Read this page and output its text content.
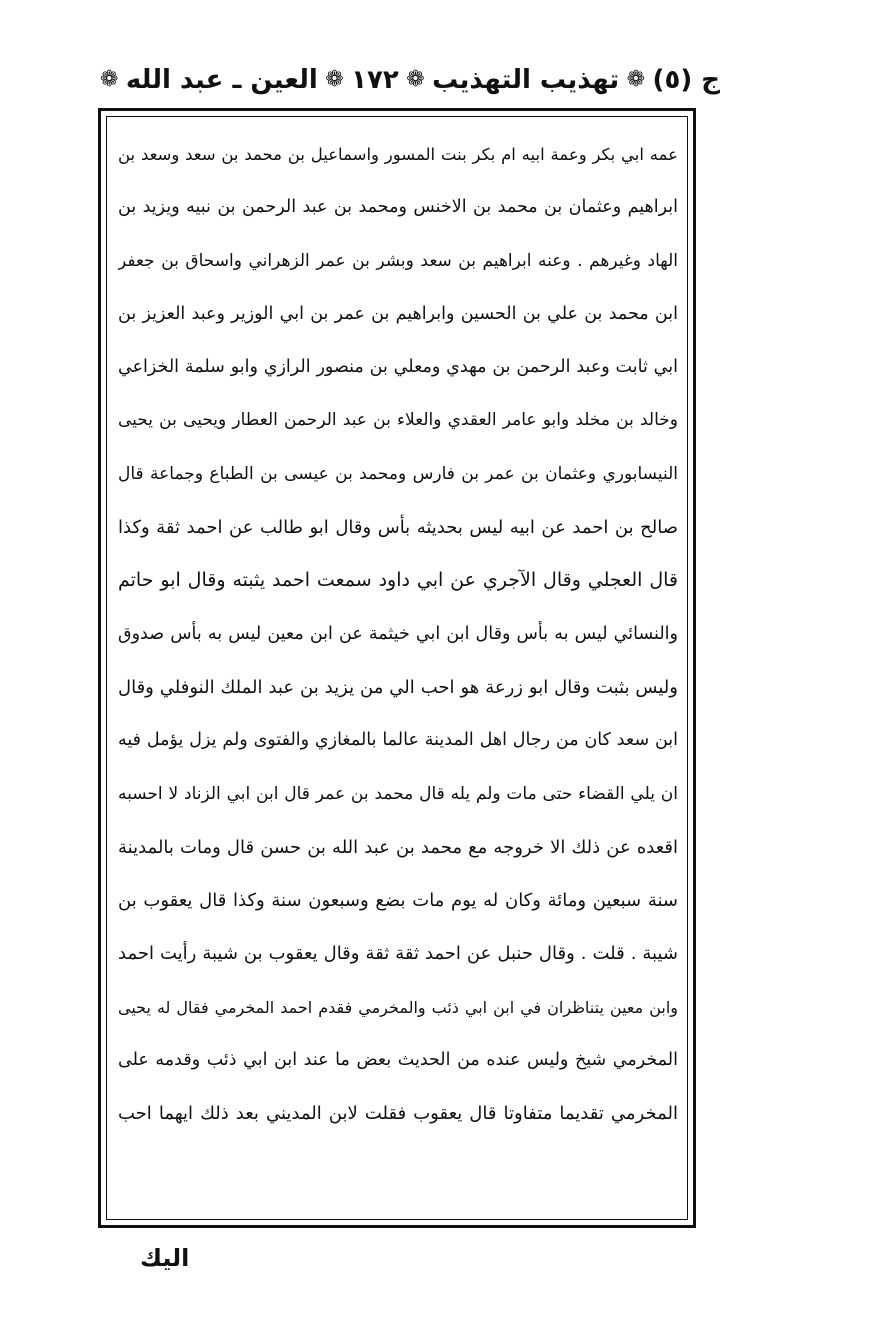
ج (٥)
❁
تهذيب التهذيب
❁
١٧٢
❁
العين ـ عبد الله
❁
عمه ابي بكر وعمة ابيه ام بكر بنت المسور واسماعيل بن محمد بن سعد وسعد بن
ابراهيم وعثمان بن محمد بن الاخنس ومحمد بن عبد الرحمن بن نبيه ويزيد بن
الهاد وغيرهم . وعنه ابراهيم بن سعد وبشر بن عمر الزهراني واسحاق بن جعفر
ابن محمد بن علي بن الحسين وابراهيم بن عمر بن ابي الوزير وعبد العزيز بن
ابي ثابت وعبد الرحمن بن مهدي ومعلي بن منصور الرازي وابو سلمة الخزاعي
وخالد بن مخلد وابو عامر العقدي والعلاء بن عبد الرحمن العطار ويحيى بن يحيى
النيسابوري وعثمان بن عمر بن فارس ومحمد بن عيسى بن الطباع وجماعة قال
صالح بن احمد عن ابيه ليس بحديثه بأس وقال ابو طالب عن احمد ثقة وكذا
قال العجلي وقال الآجري عن ابي داود سمعت احمد يثبته وقال ابو حاتم
والنسائي ليس به بأس وقال ابن ابي خيثمة عن ابن معين ليس به بأس صدوق
وليس بثبت وقال ابو زرعة هو احب الي من يزيد بن عبد الملك النوفلي وقال
ابن سعد كان من رجال اهل المدينة عالما بالمغازي والفتوى ولم يزل يؤمل فيه
ان يلي القضاء حتى مات ولم يله قال محمد بن عمر قال ابن ابي الزناد لا احسبه
اقعده عن ذلك الا خروجه مع محمد بن عبد الله بن حسن قال ومات بالمدينة
سنة سبعين ومائة وكان له يوم مات بضع وسبعون سنة وكذا قال يعقوب بن
شيبة . قلت . وقال حنبل عن احمد ثقة ثقة وقال يعقوب بن شيبة رأيت احمد
وابن معين يتناظران في ابن ابي ذئب والمخرمي فقدم احمد المخرمي فقال له يحيى
المخرمي شيخ وليس عنده من الحديث بعض ما عند ابن ابي ذئب وقدمه على
المخرمي تقديما متفاوتا قال يعقوب فقلت لابن المديني بعد ذلك ايهما احب
اليك
